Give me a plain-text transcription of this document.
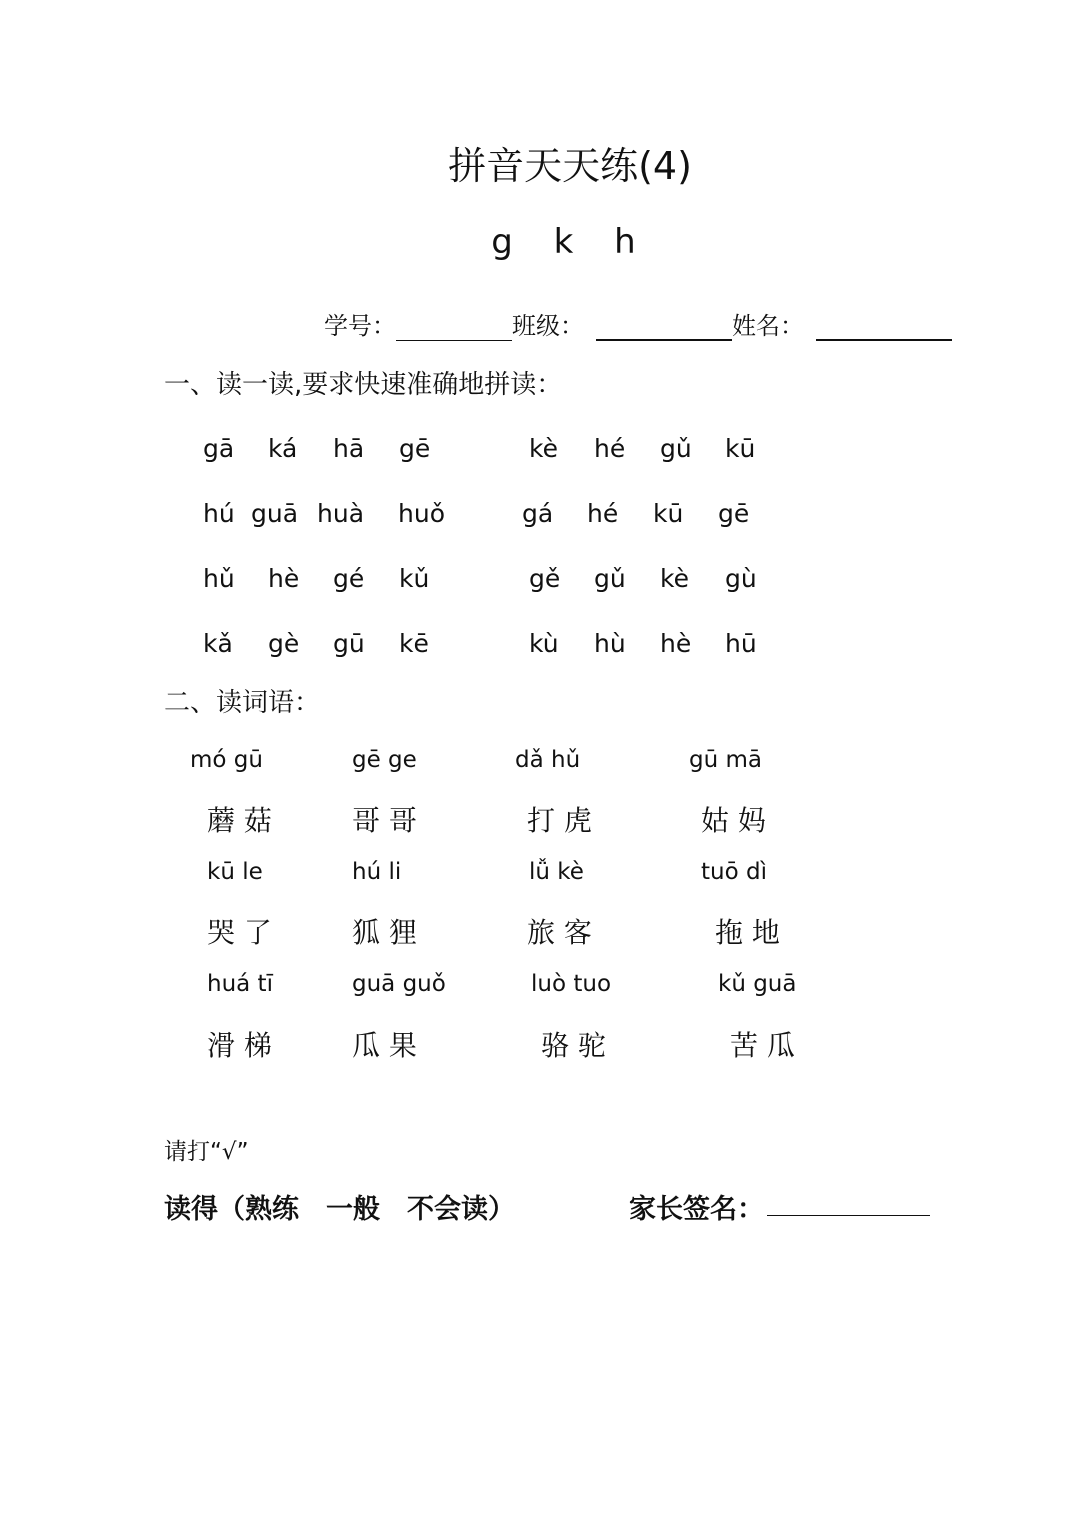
拼音天天练(4)
g k h
学号：	班级：	姓名：
一、读一读,要求快速准确地拼读：
gā ká hā gē	kè hé gǔ kū
hú guā huà huǒ	gá hé kū gē
hǔ hè gé kǔ	gě gǔ kè gù
kǎ gè gū kē	kù hù hè hū
二、读词语：
mó gū	gē ge	dǎ hǔ	gū mā
蘑 菇	哥 哥	打 虎	姑 妈
kū le	hú li	lǚ kè	tuō dì
哭 了	狐 狸	旅 客	拖 地
huá tī	guā guǒ	luò tuo	kǔ guā
滑 梯	瓜 果	骆 驼	苦 瓜
请打“√”
读得（熟练　一般　不会读）	家长签名：
